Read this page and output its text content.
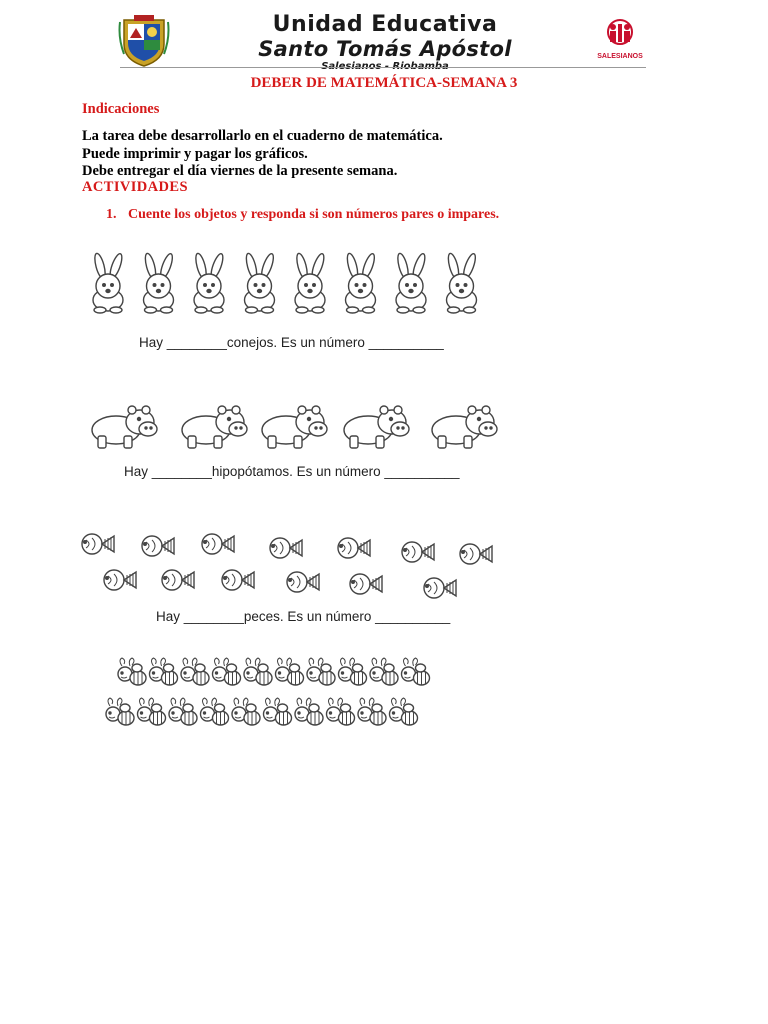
Unidad Educativa
Santo Tomás Apóstol
Salesianos - Riobamba
SALESIANOS
DEBER DE MATEMÁTICA-SEMANA 3
Indicaciones
La tarea debe desarrollarlo en el cuaderno de matemática.
Puede imprimir y pagar los gráficos.
Debe entregar el día viernes de la presente semana.
ACTIVIDADES
1. Cuente los objetos y responda si son números pares o impares.
Hay ________conejos. Es un número __________
Hay ________hipopótamos. Es un número __________
Hay ________peces. Es un número __________
